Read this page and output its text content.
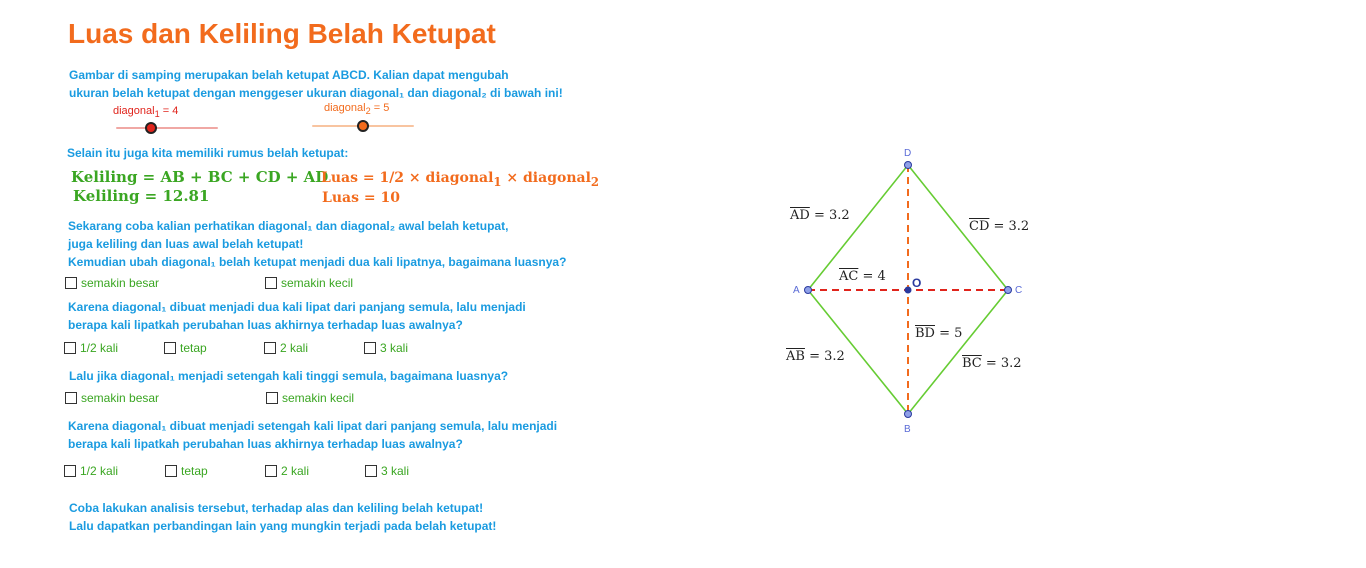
Luas dan Keliling Belah Ketupat
Gambar di samping merupakan belah ketupat ABCD. Kalian dapat mengubah
ukuran belah ketupat dengan menggeser ukuran diagonal₁ dan diagonal₂ di bawah ini!
diagonal$_1$ = 4	diagonal$_2$ = 5
Selain itu juga kita memiliki rumus belah ketupat:
Keliling = AB + BC + CD + AD
Keliling = 12.81
Luas = 1/2 × diagonal$_1$ × diagonal$_2$
Luas = 10
Sekarang coba kalian perhatikan diagonal₁ dan diagonal₂ awal belah ketupat,
juga keliling dan luas awal belah ketupat!
Kemudian ubah diagonal₁ belah ketupat menjadi dua kali lipatnya, bagaimana luasnya?
semakin besar	semakin kecil
Karena diagonal₁ dibuat menjadi dua kali lipat dari panjang semula, lalu menjadi
berapa kali lipatkah perubahan luas akhirnya terhadap luas awalnya?
1/2 kali	tetap	2 kali	3 kali
Lalu jika diagonal₁ menjadi setengah kali tinggi semula, bagaimana luasnya?
semakin besar	semakin kecil
Karena diagonal₁ dibuat menjadi setengah kali lipat dari panjang semula, lalu menjadi
berapa kali lipatkah perubahan luas akhirnya terhadap luas awalnya?
1/2 kali	tetap	2 kali	3 kali
Coba lakukan analisis tersebut, terhadap alas dan keliling belah ketupat!
Lalu dapatkan perbandingan lain yang mungkin terjadi pada belah ketupat!
A
B
C
D
O
$\overline{AD} = 3.2$
$\overline{CD} = 3.2$
$\overline{AC} = 4$
$\overline{BD} = 5$
$\overline{AB} = 3.2$	$\overline{BC} = 3.2$
